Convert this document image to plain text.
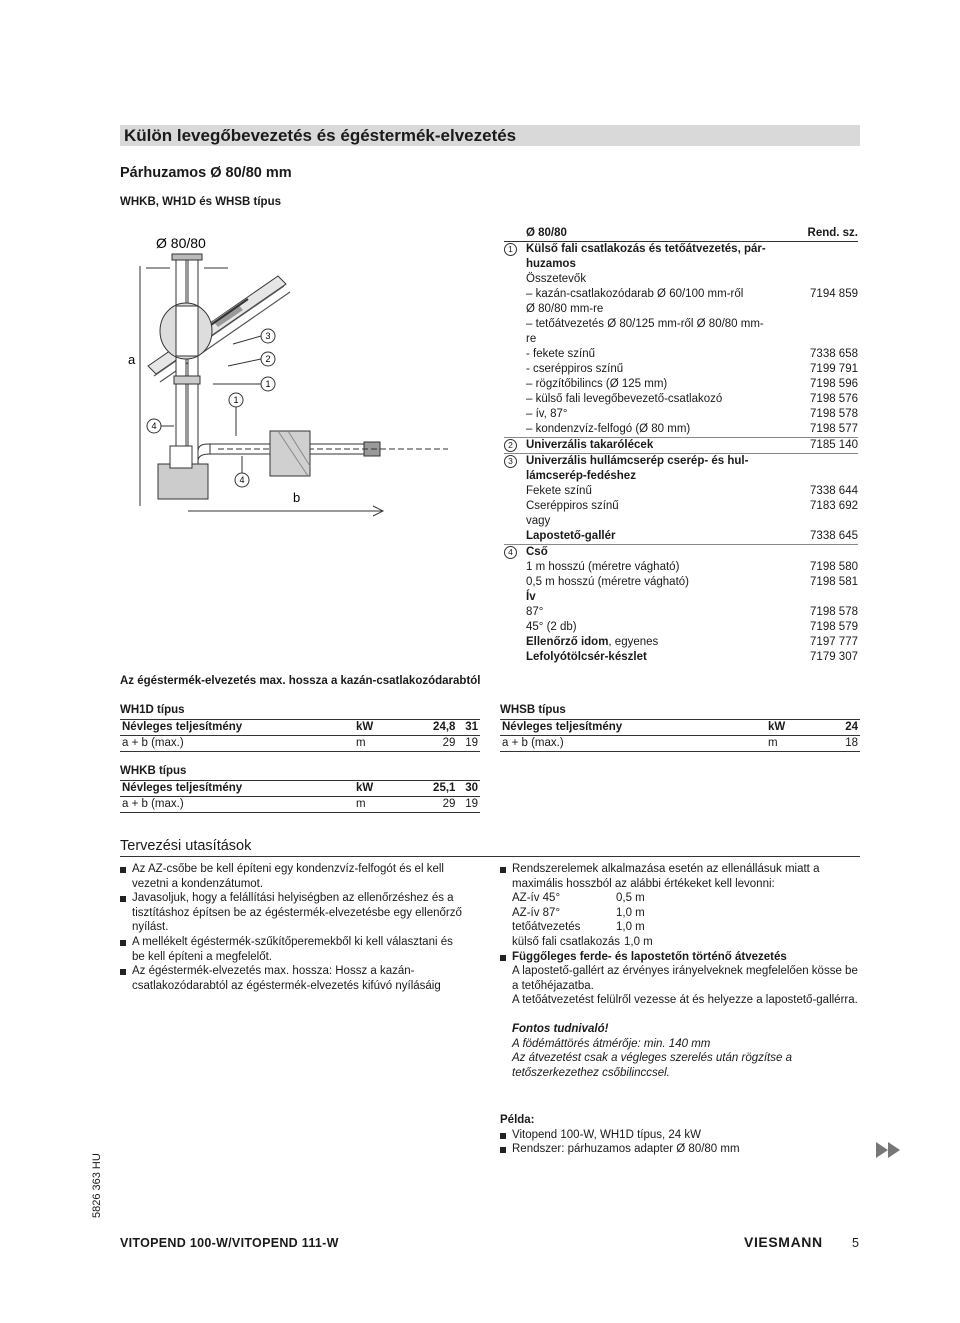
Külön levegőbevezetés és égéstermék-elvezetés
Párhuzamos Ø 80/80 mm
WHKB, WH1D és WHSB típus
Ø 80/80
a
b
3
2
1
1
4
4
Ø 80/80	Rend. sz.
1	Külső fali csatlakozás és tetőátvezetés, pár-
huzamos
Összetevők
– kazán-csatlakozódarab Ø 60/100 mm-ről	7194 859
Ø 80/80 mm-re
– tetőátvezetés Ø 80/125 mm-ről Ø 80/80 mm-
re
- fekete színű	7338 658
- cseréppiros színű	7199 791
– rögzítőbilincs (Ø 125 mm)	7198 596
– külső fali levegőbevezető-csatlakozó	7198 576
– ív, 87°	7198 578
– kondenzvíz-felfogó (Ø 80 mm)	7198 577
2	Univerzális takarólécek	7185 140
3	Univerzális hullámcserép cserép- és hul-
lámcserép-fedéshez
Fekete színű	7338 644
Cseréppiros színű	7183 692
vagy
Lapostető-gallér	7338 645
4	Cső
1 m hosszú (méretre vágható)	7198 580
0,5 m hosszú (méretre vágható)	7198 581
Ív
87°	7198 578
45° (2 db)	7198 579
Ellenőrző idom, egyenes	7197 777
Lefolyótölcsér-készlet	7179 307
Az égéstermék-elvezetés max. hossza a kazán-csatlakozódarabtól
WH1D típus
Névleges teljesítmény	kW	24,8	31
a + b (max.)	m	29	19
WHSB típus
Névleges teljesítmény	kW	24
a + b (max.)	m	18
WHKB típus
Névleges teljesítmény	kW	25,1	30
a + b (max.)	m	29	19
Tervezési utasítások
Az AZ-csőbe be kell építeni egy kondenzvíz-felfogót és el kell vezetni a kondenzátumot.
Javasoljuk, hogy a felállítási helyiségben az ellenőrzéshez és a tisztításhoz építsen be az égéstermék-elvezetésbe egy ellenőrző nyílást.
A mellékelt égéstermék-szűkítőperemekből ki kell választani és be kell építeni a megfelelőt.
Az égéstermék-elvezetés max. hossza: Hossz a kazán-csatlakozódarabtól az égéstermék-elvezetés kifúvó nyílásáig
Rendszerelemek alkalmazása esetén az ellenállásuk miatt a maximális hosszból az alábbi értékeket kell levonni:
AZ-ív 45°	0,5 m
AZ-ív 87°	1,0 m
tetőátvezetés	1,0 m
külső fali csatlakozás 1,0 m
Függőleges ferde- és lapostetőn történő átvezetés
A lapostető-gallért az érvényes irányelveknek megfelelően kösse be a tetőhéjazatba.
A tetőátvezetést felülről vezesse át és helyezze a lapostető-gallérra.
Fontos tudnivaló!
A födémáttörés átmérője: min. 140 mm
Az átvezetést csak a végleges szerelés után rögzítse a tetőszerkezethez csőbilinccsel.
Példa:
Vitopend 100-W, WH1D típus, 24 kW
Rendszer: párhuzamos adapter Ø 80/80 mm
5826 363 HU
VITOPEND 100-W/VITOPEND 111-W	VIESMANN 5
